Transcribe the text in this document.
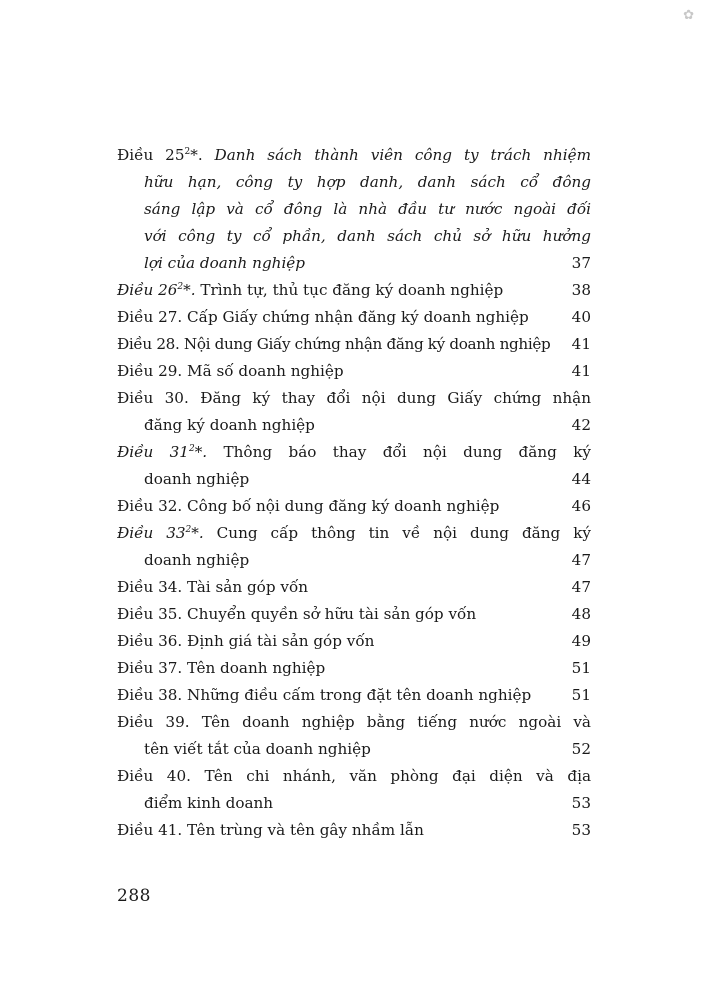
✿
Điều $25^2*$. Danh sách thành viên công ty trách nhiệm
hữu hạn, công ty hợp danh, danh sách cổ đông
sáng lập và cổ đông là nhà đầu tư nước ngoài đối
với công ty cổ phần, danh sách chủ sở hữu hưởng
lợi của doanh nghiệp	37
Điều $26^2*$. Trình tự, thủ tục đăng ký doanh nghiệp	38
Điều 27. Cấp Giấy chứng nhận đăng ký doanh nghiệp	40
Điều 28. Nội dung Giấy chứng nhận đăng ký doanh nghiệp 41
Điều 29. Mã số doanh nghiệp	41
Điều 30. Đăng ký thay đổi nội dung Giấy chứng nhận
đăng ký doanh nghiệp	42
Điều $31^2*$. Thông báo thay đổi nội dung đăng ký
doanh nghiệp	44
Điều 32. Công bố nội dung đăng ký doanh nghiệp	46
Điều $33^2*$. Cung cấp thông tin về nội dung đăng ký
doanh nghiệp	47
Điều 34. Tài sản góp vốn	47
Điều 35. Chuyển quyền sở hữu tài sản góp vốn	48
Điều 36. Định giá tài sản góp vốn	49
Điều 37. Tên doanh nghiệp	51
Điều 38. Những điều cấm trong đặt tên doanh nghiệp	51
Điều 39. Tên doanh nghiệp bằng tiếng nước ngoài và
tên viết tắt của doanh nghiệp	52
Điều 40. Tên chi nhánh, văn phòng đại diện và địa
điểm kinh doanh	53
Điều 41. Tên trùng và tên gây nhầm lẫn	53
288
